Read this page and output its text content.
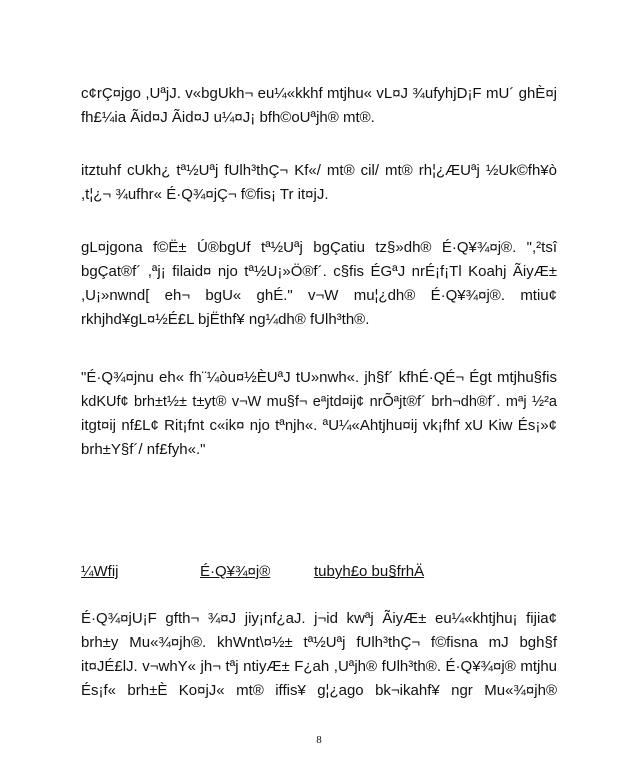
c¢rÇ¤jgo ,UªjJ. v«bgUkh¬ eu¼«kkhf mtjhu« vL¤J ¾ufyhjD¡F mU´ ghÈ¤j
fh£¼ia Ãid¤J Ãid¤J u¼¤J¡ bfh©oUªjh® mt®.
itztuhf cUkh¿ tª½Uªj fUlh³thÇ¬ Kf«/ mt® cil/ mt® rh¦¿ÆUªj ½Uk©fh¥ò
,t¦¿¬ ¾ufhr« É·Q¾¤jÇ¬ f©fis¡ Tr it¤jJ.
gL¤jgona f©Ë± Ú®bgUf tª½Uªj bgÇatiu tz§»dh® É·Q¥¾¤j®. ",²tsî
bgÇat®f´ ,ªj¡ filaid¤ njo tª½U¡»Ö®f´. c§fis ÉGªJ nrÉ¡f¡Tl Koahj ÃiyÆ±
,U¡»nwnd[ eh¬ bgU« ghÉ." v¬W mu¦¿dh® É·Q¥¾¤j®. mtiu¢
rkhjhd¥gL¤½É£L bjËthf¥ ng¼dh® fUlh³th®.
"É·Q¾¤jnu eh« fh¨¼òu¤½ÈUªJ tU»nwh«. jh§f´ kfhÉ·QÉ¬ Égt mtjhu§fis
kdKUf¢ brh±t½± t±yt® v¬W mu§f¬ eªjtd¤ij¢ nrÕªjt®f´ brh¬dh®f´. mªj ½²a
itgt¤ij nf£L¢ Rit¡fnt c«ik¤ njo tªnjh«. ªU¼«Ahtjhu¤ij vk¡fhf xU Kiw És¡»¢
brh±Y§f´/ nf£fyh«."
¼Wfij	É·Q¥¾¤j®	tubyh£o bu§frhÄ
É·Q¾¤jU¡F gfth¬ ¾¤J jiy¡nf¿aJ. j¬id kwªj ÃiyÆ± eu¼«khtjhu¡ fijia¢
brh±y Mu«¾¤jh®. khWnt\¤½± tª½Uªj fUlh³thÇ¬ f©fisna mJ bgh§f
it¤JÉ£lJ. v¬whY« jh¬ tªj ntiyÆ± F¿ah ,Uªjh® fUlh³th®. É·Q¥¾¤j® mtjhu
És¡f« brh±È Ko¤jJ« mt® iffis¥ g¦¿ago bk¬ikahf¥ ngr Mu«¾¤jh®
8
